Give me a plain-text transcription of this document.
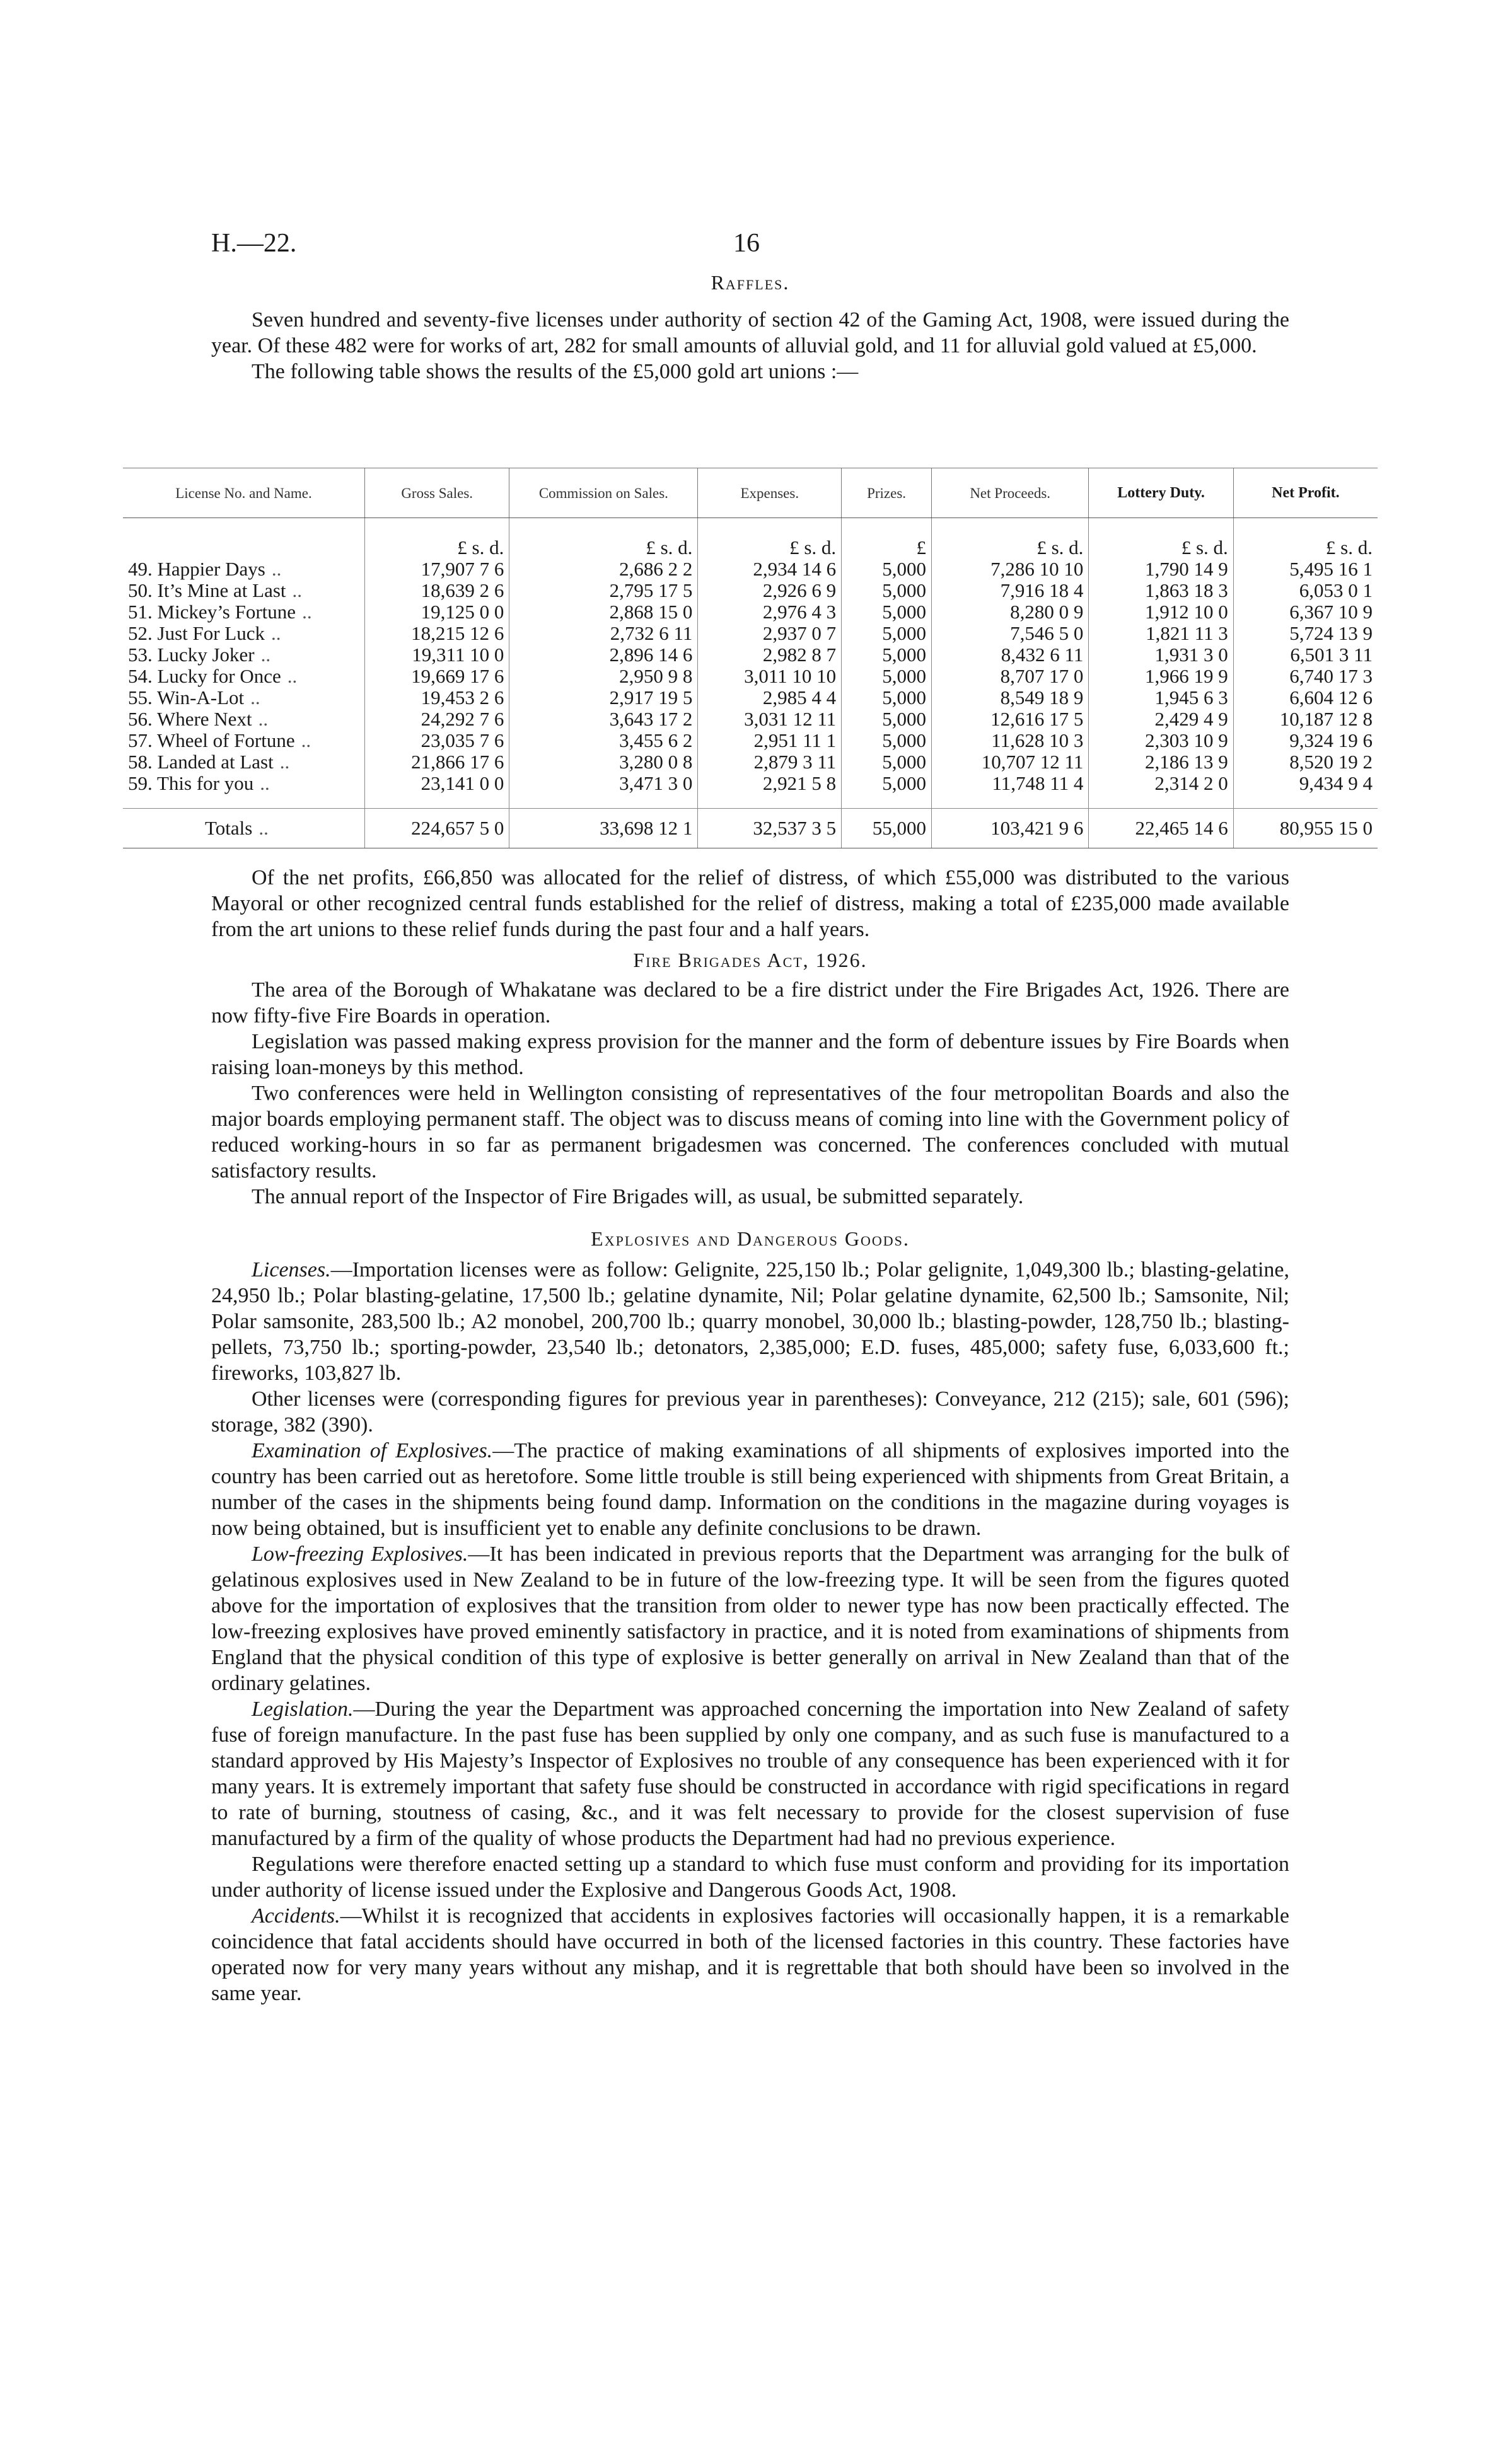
H.—22.	16

Raffles.

Seven hundred and seventy-five licenses under authority of section 42 of the Gaming Act, 1908, were issued during the year. Of these 482 were for works of art, 282 for small amounts of alluvial gold, and 11 for alluvial gold valued at £5,000.

The following table shows the results of the £5,000 gold art unions :—

License No. and Name.	Gross Sales.	Commission on Sales.	Expenses.	Prizes.	Net Proceeds.	Lottery Duty.	Net Profit.
	£ s. d.	£ s. d.	£ s. d.	£	£ s. d.	£ s. d.	£ s. d.
49. Happier Days ..	17,907 7 6	2,686 2 2	2,934 14 6	5,000	7,286 10 10	1,790 14 9	5,495 16 1
50. It’s Mine at Last ..	18,639 2 6	2,795 17 5	2,926 6 9	5,000	7,916 18 4	1,863 18 3	6,053 0 1
51. Mickey’s Fortune ..	19,125 0 0	2,868 15 0	2,976 4 3	5,000	8,280 0 9	1,912 10 0	6,367 10 9
52. Just For Luck ..	18,215 12 6	2,732 6 11	2,937 0 7	5,000	7,546 5 0	1,821 11 3	5,724 13 9
53. Lucky Joker ..	19,311 10 0	2,896 14 6	2,982 8 7	5,000	8,432 6 11	1,931 3 0	6,501 3 11
54. Lucky for Once ..	19,669 17 6	2,950 9 8	3,011 10 10	5,000	8,707 17 0	1,966 19 9	6,740 17 3
55. Win-A-Lot ..	19,453 2 6	2,917 19 5	2,985 4 4	5,000	8,549 18 9	1,945 6 3	6,604 12 6
56. Where Next ..	24,292 7 6	3,643 17 2	3,031 12 11	5,000	12,616 17 5	2,429 4 9	10,187 12 8
57. Wheel of Fortune ..	23,035 7 6	3,455 6 2	2,951 11 1	5,000	11,628 10 3	2,303 10 9	9,324 19 6
58. Landed at Last ..	21,866 17 6	3,280 0 8	2,879 3 11	5,000	10,707 12 11	2,186 13 9	8,520 19 2
59. This for you ..	23,141 0 0	3,471 3 0	2,921 5 8	5,000	11,748 11 4	2,314 2 0	9,434 9 4

Totals ..	224,657 5 0	33,698 12 1	32,537 3 5	55,000	103,421 9 6	22,465 14 6	80,955 15 0

Of the net profits, £66,850 was allocated for the relief of distress, of which £55,000 was distributed to the various Mayoral or other recognized central funds established for the relief of distress, making a total of £235,000 made available from the art unions to these relief funds during the past four and a half years.

Fire Brigades Act, 1926.

The area of the Borough of Whakatane was declared to be a fire district under the Fire Brigades Act, 1926. There are now fifty-five Fire Boards in operation.

Legislation was passed making express provision for the manner and the form of debenture issues by Fire Boards when raising loan-moneys by this method.

Two conferences were held in Wellington consisting of representatives of the four metropolitan Boards and also the major boards employing permanent staff. The object was to discuss means of coming into line with the Government policy of reduced working-hours in so far as permanent brigadesmen was concerned. The conferences concluded with mutual satisfactory results.

The annual report of the Inspector of Fire Brigades will, as usual, be submitted separately.

Explosives and Dangerous Goods.

Licenses.—Importation licenses were as follow: Gelignite, 225,150 lb.; Polar gelignite, 1,049,300 lb.; blasting-gelatine, 24,950 lb.; Polar blasting-gelatine, 17,500 lb.; gelatine dynamite, Nil; Polar gelatine dynamite, 62,500 lb.; Samsonite, Nil; Polar samsonite, 283,500 lb.; A2 monobel, 200,700 lb.; quarry monobel, 30,000 lb.; blasting-powder, 128,750 lb.; blasting-pellets, 73,750 lb.; sporting-powder, 23,540 lb.; detonators, 2,385,000; E.D. fuses, 485,000; safety fuse, 6,033,600 ft.; fireworks, 103,827 lb.

Other licenses were (corresponding figures for previous year in parentheses): Conveyance, 212 (215); sale, 601 (596); storage, 382 (390).

Examination of Explosives.—The practice of making examinations of all shipments of explosives imported into the country has been carried out as heretofore. Some little trouble is still being experienced with shipments from Great Britain, a number of the cases in the shipments being found damp. Information on the conditions in the magazine during voyages is now being obtained, but is insufficient yet to enable any definite conclusions to be drawn.

Low-freezing Explosives.—It has been indicated in previous reports that the Department was arranging for the bulk of gelatinous explosives used in New Zealand to be in future of the low-freezing type. It will be seen from the figures quoted above for the importation of explosives that the transition from older to newer type has now been practically effected. The low-freezing explosives have proved eminently satisfactory in practice, and it is noted from examinations of shipments from England that the physical condition of this type of explosive is better generally on arrival in New Zealand than that of the ordinary gelatines.

Legislation.—During the year the Department was approached concerning the importation into New Zealand of safety fuse of foreign manufacture. In the past fuse has been supplied by only one company, and as such fuse is manufactured to a standard approved by His Majesty’s Inspector of Explosives no trouble of any consequence has been experienced with it for many years. It is extremely important that safety fuse should be constructed in accordance with rigid specifications in regard to rate of burning, stoutness of casing, &c., and it was felt necessary to provide for the closest supervision of fuse manufactured by a firm of the quality of whose products the Department had had no previous experience.

Regulations were therefore enacted setting up a standard to which fuse must conform and providing for its importation under authority of license issued under the Explosive and Dangerous Goods Act, 1908.

Accidents.—Whilst it is recognized that accidents in explosives factories will occasionally happen, it is a remarkable coincidence that fatal accidents should have occurred in both of the licensed factories in this country. These factories have operated now for very many years without any mishap, and it is regrettable that both should have been so involved in the same year.
